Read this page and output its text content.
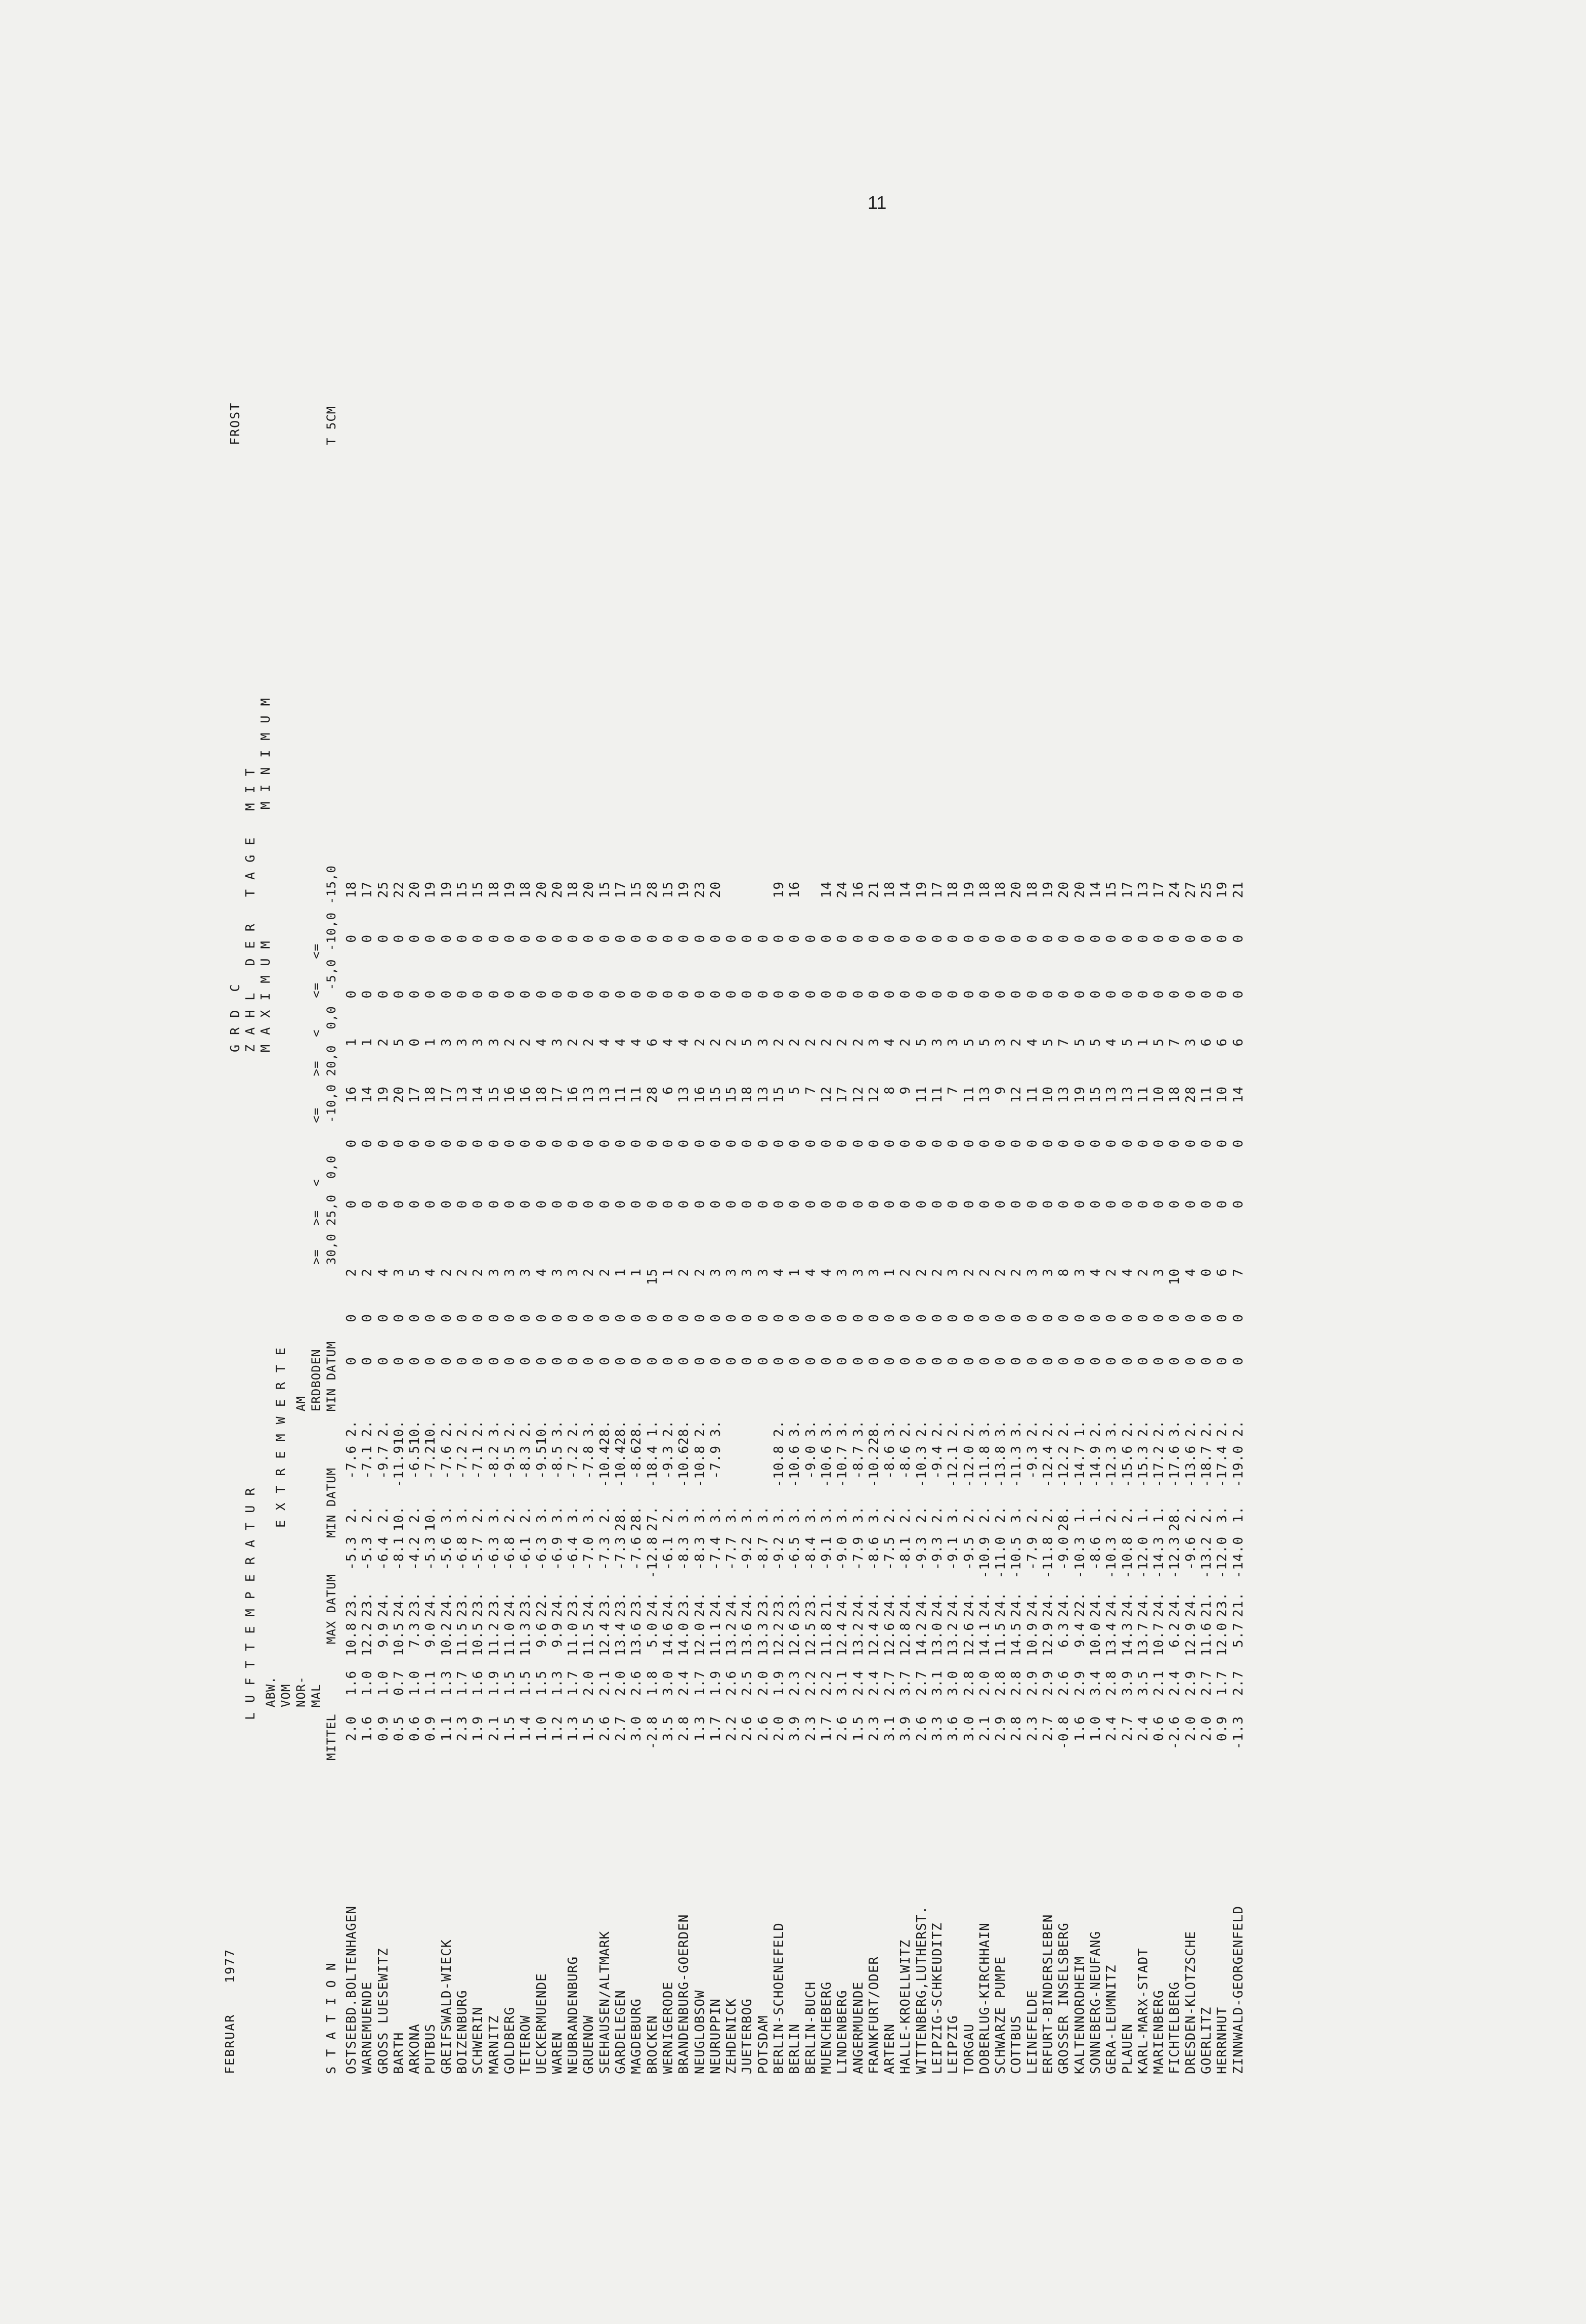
11
FEBRUAR
1977
L U F T T E M P E R A T U R
G R D  C Z A H L   D E R   T A G E   M I T M A X I M U M
M I N I M U M
FROST
E X T R E M W E R T E
S T A T I O N
MITTEL
ABW.
VOM
NOR-
MAL
MAX DATUM
MIN DATUM
AM
ERDBODEN
MIN DATUM
>=   >=   <
30,0 25,0  0,0
<=    >=   <    <=   <=
-10,0 20,0  0,0  -5,0 -10,0 -15,0
T 5CM
OSTSEEBD.BOLTENHAGEN	2.0	1.6	10.8	23.	-5.3	2.	-7.6	2.	0	0	2	0	0	16	1	0	0	18
WARNEMUENDE	1.6	1.0	12.2	23.	-5.3	2.	-7.1	2.	0	0	2	0	0	14	1	0	0	17
GROSS LUESEWITZ	0.9	1.0	9.9	24.	-6.4	2.	-9.7	2.	0	0	4	0	0	19	2	0	0	25
BARTH	0.5	0.7	10.5	24.	-8.1	10.	-11.9	10.	0	0	3	0	0	20	5	0	0	22
ARKONA	0.6	1.0	7.3	23.	-4.2	2.	-6.5	10.	0	0	5	0	0	17	0	0	0	20
PUTBUS	0.9	1.1	9.0	24.	-5.3	10.	-7.2	10.	0	0	4	0	0	18	1	0	0	19
GREIFSWALD-WIECK	1.1	1.3	10.2	24.	-5.6	3.	-7.6	2.	0	0	2	0	0	17	3	0	0	19
BOIZENBURG	2.3	1.7	11.5	23.	-6.8	3.	-7.2	2.	0	0	2	0	0	13	3	0	0	15
SCHWERIN	1.9	1.6	10.5	23.	-5.7	2.	-7.1	2.	0	0	2	0	0	14	3	0	0	15
MARNITZ	2.1	1.9	11.2	23.	-6.3	3.	-8.2	3.	0	0	3	0	0	15	3	0	0	18
GOLDBERG	1.5	1.5	11.0	24.	-6.8	2.	-9.5	2.	0	0	3	0	0	16	2	0	0	19
TETEROW	1.4	1.5	11.3	23.	-6.1	2.	-8.3	2.	0	0	3	0	0	16	2	0	0	18
UECKERMUENDE	1.0	1.5	9.6	22.	-6.3	3.	-9.5	10.	0	0	4	0	0	18	4	0	0	20
WAREN	1.2	1.3	9.9	24.	-6.9	3.	-8.5	3.	0	0	3	0	0	17	3	0	0	20
NEUBRANDENBURG	1.3	1.7	11.0	23.	-6.4	3.	-7.2	2.	0	0	3	0	0	16	2	0	0	18
GRUENOW	1.5	2.0	11.5	24.	-7.0	3.	-7.8	3.	0	0	2	0	0	13	2	0	0	20
SEEHAUSEN/ALTMARK	2.6	2.1	12.4	23.	-7.3	2.	-10.4	28.	0	0	2	0	0	13	4	0	0	15
GARDELEGEN	2.7	2.0	13.4	23.	-7.3	28.	-10.4	28.	0	0	1	0	0	11	4	0	0	17
MAGDEBURG	3.0	2.6	13.6	23.	-7.6	28.	-8.6	28.	0	0	1	0	0	11	4	0	0	15
BROCKEN	-2.8	1.8	5.0	24.	-12.8	27.	-18.4	1.	0	0	15	0	0	28	6	0	0	28
WERNIGERODE	3.5	3.0	14.6	24.	-6.1	2.	-9.3	2.	0	0	1	0	0	6	4	0	0	15
BRANDENBURG-GOERDEN	2.8	2.4	14.0	23.	-8.3	3.	-10.6	28.	0	0	2	0	0	13	4	0	0	19
NEUGLOBSOW	1.3	1.7	12.0	24.	-8.3	3.	-10.8	2.	0	0	2	0	0	16	2	0	0	23
NEURUPPIN	1.7	1.9	11.1	24.	-7.4	3.	-7.9	3.	0	0	3	0	0	15	2	0	0	20
ZEHDENICK	2.2	2.6	13.2	24.	-7.7	3.			0	0	3	0	0	15	2	0	0	
JUETERBOG	2.6	2.5	13.6	24.	-9.2	3.			0	0	3	0	0	18	5	0	0	
POTSDAM	2.6	2.0	13.3	23.	-8.7	3.			0	0	3	0	0	13	3	0	0	
BERLIN-SCHOENEFELD	2.0	1.9	12.2	23.	-9.2	3.	-10.8	2.	0	0	4	0	0	15	2	0	0	19
BERLIN	3.9	2.3	12.6	23.	-6.5	3.	-10.6	3.	0	0	1	0	0	5	2	0	0	16
BERLIN-BUCH	2.3	2.2	12.5	23.	-8.4	3.	-9.0	3.	0	0	4	0	0	7	2	0	0	
MUENCHEBERG	1.7	2.2	11.8	21.	-9.1	3.	-10.6	3.	0	0	4	0	0	12	2	0	0	14
LINDENBERG	2.6	3.1	12.4	24.	-9.0	3.	-10.7	3.	0	0	3	0	0	17	2	0	0	24
ANGERMUENDE	1.5	2.4	13.2	24.	-7.9	3.	-8.7	3.	0	0	3	0	0	12	2	0	0	16
FRANKFURT/ODER	2.3	2.4	12.4	24.	-8.6	3.	-10.2	28.	0	0	3	0	0	12	3	0	0	21
ARTERN	3.1	2.7	12.6	24.	-7.5	2.	-8.6	3.	0	0	1	0	0	8	4	0	0	18
HALLE-KROELLWITZ	3.9	3.7	12.8	24.	-8.1	2.	-8.6	2.	0	0	2	0	0	9	2	0	0	14
WITTENBERG,LUTHERST.	2.6	2.7	14.2	24.	-9.3	2.	-10.3	2.	0	0	2	0	0	11	5	0	0	19
LEIPZIG-SCHKEUDITZ	3.3	3.1	13.0	24.	-9.3	2.	-9.4	2.	0	0	2	0	0	11	3	0	0	17
LEIPZIG	3.6	3.0	13.2	24.	-9.1	3.	-12.1	2.	0	0	3	0	0	7	3	0	0	18
TORGAU	3.0	2.8	12.6	24.	-9.5	2.	-12.0	2.	0	0	2	0	0	11	5	0	0	19
DOBERLUG-KIRCHHAIN	2.1	2.0	14.1	24.	-10.9	2.	-11.8	3.	0	0	2	0	0	13	5	0	0	18
SCHWARZE PUMPE	2.9	2.8	11.5	24.	-11.0	2.	-13.8	3.	0	0	2	0	0	9	3	0	0	18
COTTBUS	2.8	2.8	14.5	24.	-10.5	3.	-11.3	3.	0	0	2	0	0	12	2	0	0	20
LEINEFELDE	2.3	2.9	10.9	24.	-7.9	2.	-9.3	2.	0	0	3	0	0	11	4	0	0	18
ERFURT-BINDERSLEBEN	2.7	2.9	12.9	24.	-11.8	2.	-12.4	2.	0	0	3	0	0	10	5	0	0	19
GROSSER INSELSBERG	-0.8	2.6	6.3	24.	-9.0	28.	-12.2	2.	0	0	8	0	0	13	7	0	0	20
KALTENNORDHEIM	1.6	2.9	9.4	22.	-10.3	1.	-14.7	1.	0	0	3	0	0	19	5	0	0	20
SONNEBERG-NEUFANG	1.0	3.4	10.0	24.	-8.6	1.	-14.9	2.	0	0	4	0	0	15	5	0	0	14
GERA-LEUMNITZ	2.4	2.8	13.4	24.	-10.3	2.	-12.3	3.	0	0	2	0	0	13	4	0	0	15
PLAUEN	2.7	3.9	14.3	24.	-10.8	2.	-15.6	2.	0	0	4	0	0	13	5	0	0	17
KARL-MARX-STADT	2.4	3.5	13.7	24.	-12.0	1.	-15.3	2.	0	0	2	0	0	11	1	0	0	13
MARIENBERG	0.6	2.1	10.7	24.	-14.3	1.	-17.2	2.	0	0	3	0	0	10	5	0	0	17
FICHTELBERG	-2.6	2.4	6.2	24.	-12.3	28.	-17.6	3.	0	0	10	0	0	18	7	0	0	24
DRESDEN-KLOTZSCHE	2.0	2.9	12.9	24.	-9.6	2.	-13.6	2.	0	0	4	0	0	28	3	0	0	27
GOERLITZ	2.0	2.7	11.6	21.	-13.2	2.	-18.7	2.	0	0	0	0	0	11	6	0	0	25
HERRNHUT	0.9	1.7	12.0	23.	-12.0	3.	-17.4	2.	0	0	6	0	0	10	6	0	0	19
ZINNWALD-GEORGENFELD	-1.3	2.7	5.7	21.	-14.0	1.	-19.0	2.	0	0	7	0	0	14	6	0	0	21
